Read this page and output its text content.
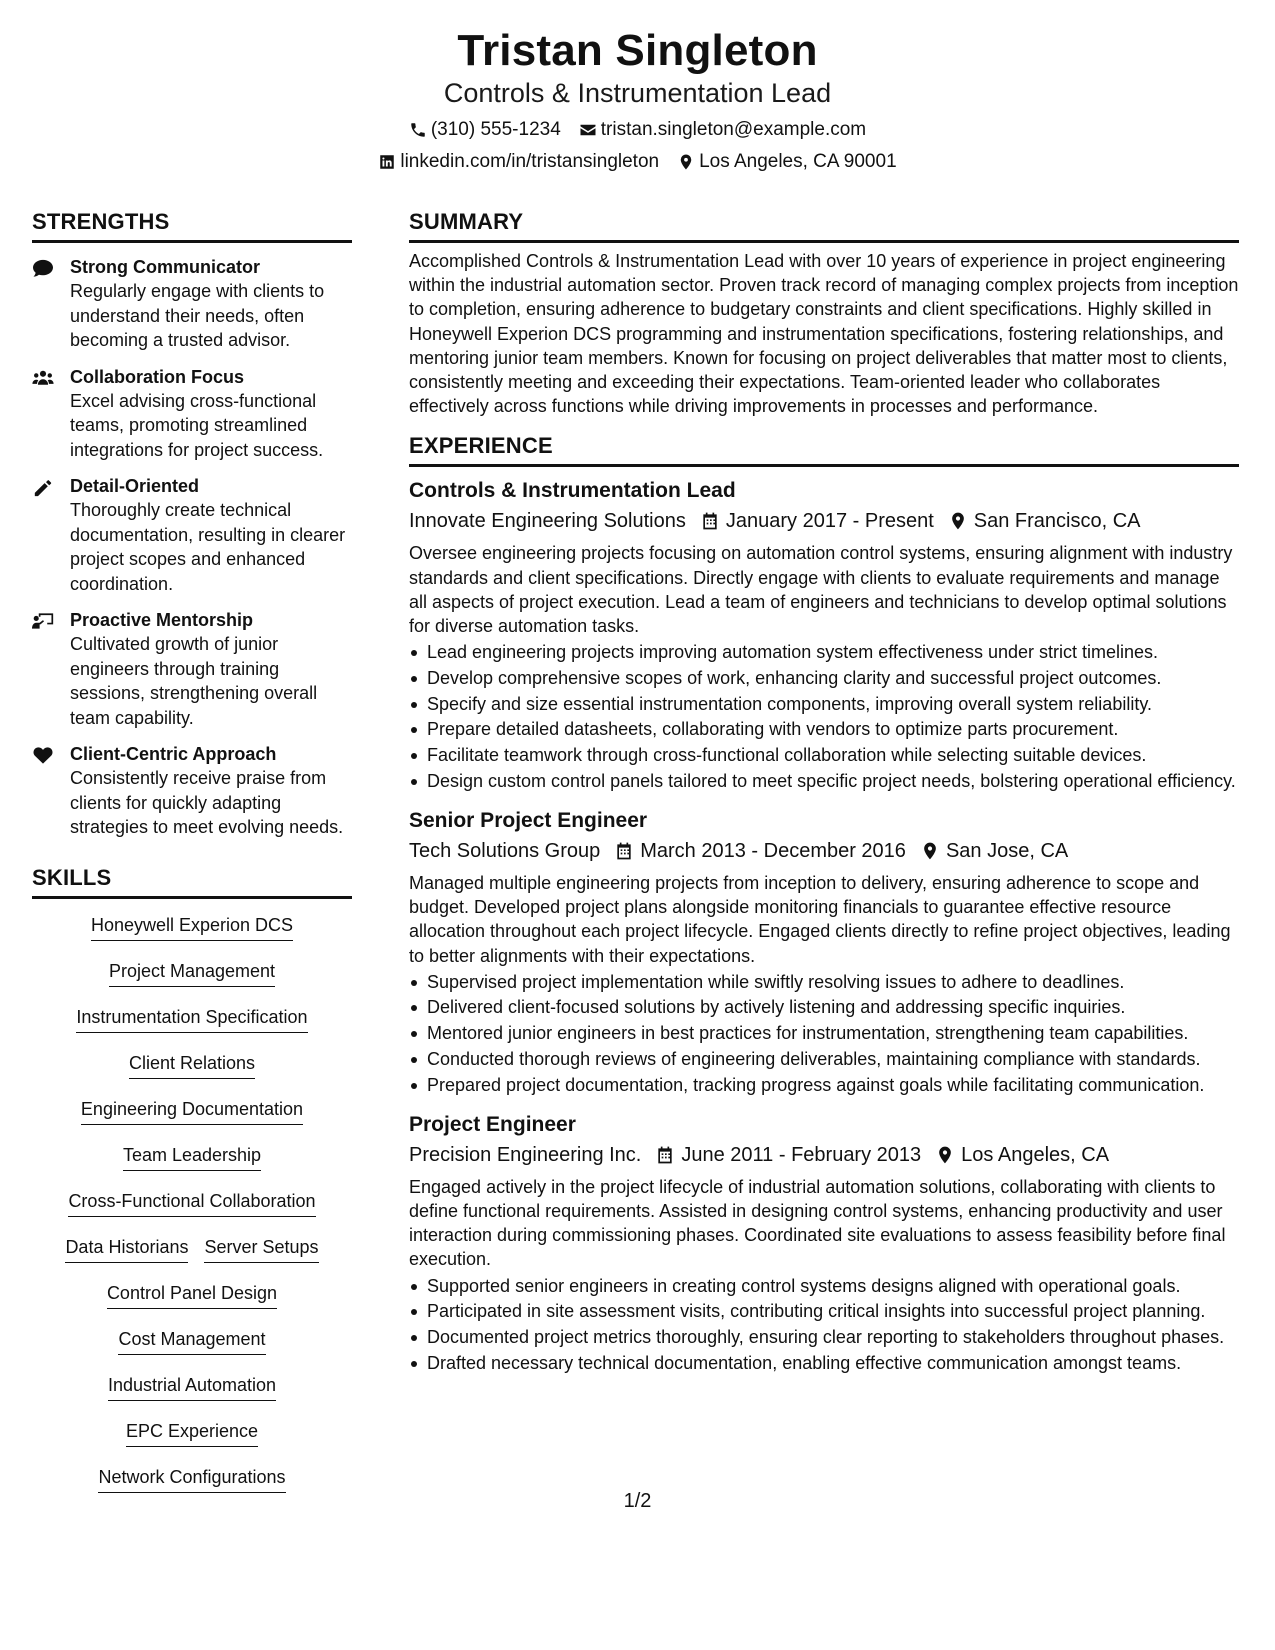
Tristan Singleton
Controls & Instrumentation Lead
(310) 555-1234 tristan.singleton@example.com
linkedin.com/in/tristansingleton Los Angeles, CA 90001
STRENGTHS
Strong Communicator
Regularly engage with clients to understand their needs, often becoming a trusted advisor.
Collaboration Focus
Excel advising cross-functional teams, promoting streamlined integrations for project success.
Detail-Oriented
Thoroughly create technical documentation, resulting in clearer project scopes and enhanced coordination.
Proactive Mentorship
Cultivated growth of junior engineers through training sessions, strengthening overall team capability.
Client-Centric Approach
Consistently receive praise from clients for quickly adapting strategies to meet evolving needs.
SKILLS
Honeywell Experion DCS
Project Management
Instrumentation Specification
Client Relations
Engineering Documentation
Team Leadership
Cross-Functional Collaboration
Data Historians Server Setups
Control Panel Design
Cost Management
Industrial Automation
EPC Experience
Network Configurations
SUMMARY
Accomplished Controls & Instrumentation Lead with over 10 years of experience in project engineering within the industrial automation sector. Proven track record of managing complex projects from inception to completion, ensuring adherence to budgetary constraints and client specifications. Highly skilled in Honeywell Experion DCS programming and instrumentation specifications, fostering relationships, and mentoring junior team members. Known for focusing on project deliverables that matter most to clients, consistently meeting and exceeding their expectations. Team-oriented leader who collaborates effectively across functions while driving improvements in processes and performance.
EXPERIENCE
Controls & Instrumentation Lead
Innovate Engineering Solutions January 2017 - Present San Francisco, CA
Oversee engineering projects focusing on automation control systems, ensuring alignment with industry standards and client specifications. Directly engage with clients to evaluate requirements and manage all aspects of project execution. Lead a team of engineers and technicians to develop optimal solutions for diverse automation tasks.
Lead engineering projects improving automation system effectiveness under strict timelines.
Develop comprehensive scopes of work, enhancing clarity and successful project outcomes.
Specify and size essential instrumentation components, improving overall system reliability.
Prepare detailed datasheets, collaborating with vendors to optimize parts procurement.
Facilitate teamwork through cross-functional collaboration while selecting suitable devices.
Design custom control panels tailored to meet specific project needs, bolstering operational efficiency.
Senior Project Engineer
Tech Solutions Group March 2013 - December 2016 San Jose, CA
Managed multiple engineering projects from inception to delivery, ensuring adherence to scope and budget. Developed project plans alongside monitoring financials to guarantee effective resource allocation throughout each project lifecycle. Engaged clients directly to refine project objectives, leading to better alignments with their expectations.
Supervised project implementation while swiftly resolving issues to adhere to deadlines.
Delivered client-focused solutions by actively listening and addressing specific inquiries.
Mentored junior engineers in best practices for instrumentation, strengthening team capabilities.
Conducted thorough reviews of engineering deliverables, maintaining compliance with standards.
Prepared project documentation, tracking progress against goals while facilitating communication.
Project Engineer
Precision Engineering Inc. June 2011 - February 2013 Los Angeles, CA
Engaged actively in the project lifecycle of industrial automation solutions, collaborating with clients to define functional requirements. Assisted in designing control systems, enhancing productivity and user interaction during commissioning phases. Coordinated site evaluations to assess feasibility before final execution.
Supported senior engineers in creating control systems designs aligned with operational goals.
Participated in site assessment visits, contributing critical insights into successful project planning.
Documented project metrics thoroughly, ensuring clear reporting to stakeholders throughout phases.
Drafted necessary technical documentation, enabling effective communication amongst teams.
1/2
